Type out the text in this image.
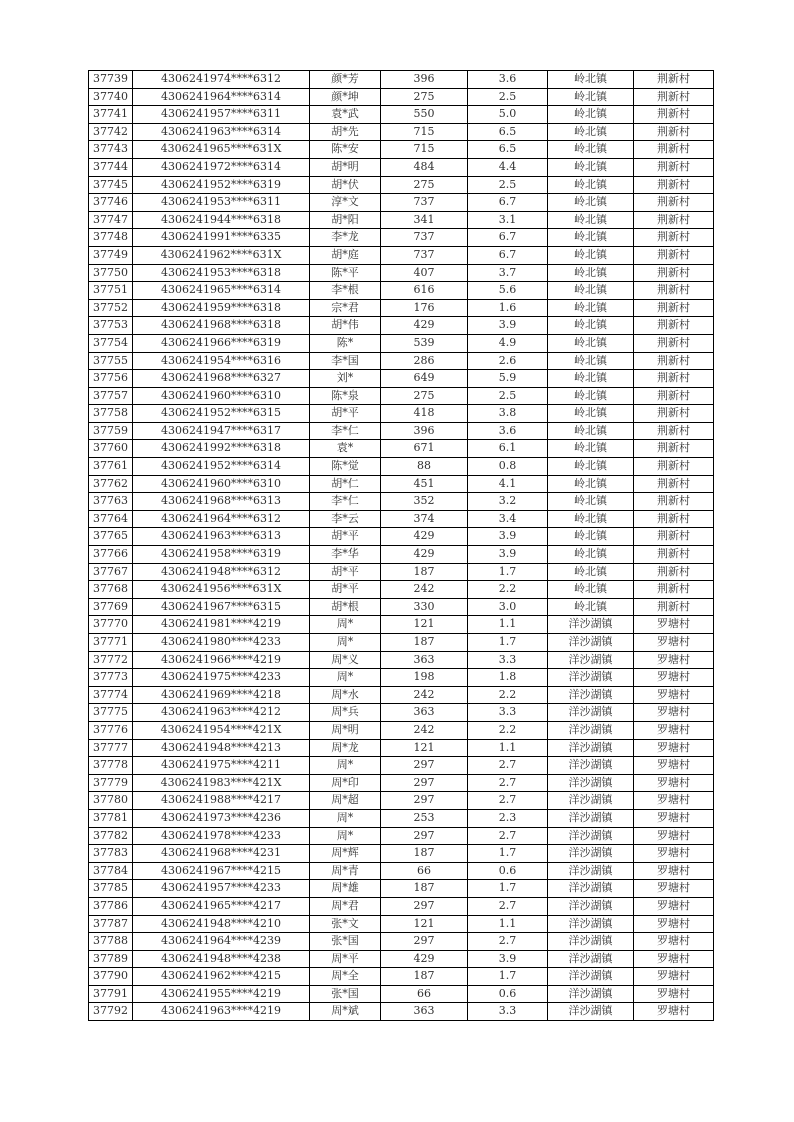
37739	4306241974****6312	颜*芳	396	3.6	岭北镇	荆新村
37740	4306241964****6314	颜*坤	275	2.5	岭北镇	荆新村
37741	4306241957****6311	袁*武	550	5.0	岭北镇	荆新村
37742	4306241963****6314	胡*先	715	6.5	岭北镇	荆新村
37743	4306241965****631X	陈*安	715	6.5	岭北镇	荆新村
37744	4306241972****6314	胡*明	484	4.4	岭北镇	荆新村
37745	4306241952****6319	胡*伏	275	2.5	岭北镇	荆新村
37746	4306241953****6311	淳*文	737	6.7	岭北镇	荆新村
37747	4306241944****6318	胡*阳	341	3.1	岭北镇	荆新村
37748	4306241991****6335	李*龙	737	6.7	岭北镇	荆新村
37749	4306241962****631X	胡*庭	737	6.7	岭北镇	荆新村
37750	4306241953****6318	陈*平	407	3.7	岭北镇	荆新村
37751	4306241965****6314	李*根	616	5.6	岭北镇	荆新村
37752	4306241959****6318	宗*君	176	1.6	岭北镇	荆新村
37753	4306241968****6318	胡*伟	429	3.9	岭北镇	荆新村
37754	4306241966****6319	陈*	539	4.9	岭北镇	荆新村
37755	4306241954****6316	李*国	286	2.6	岭北镇	荆新村
37756	4306241968****6327	刘*	649	5.9	岭北镇	荆新村
37757	4306241960****6310	陈*泉	275	2.5	岭北镇	荆新村
37758	4306241952****6315	胡*平	418	3.8	岭北镇	荆新村
37759	4306241947****6317	李*仁	396	3.6	岭北镇	荆新村
37760	4306241992****6318	袁*	671	6.1	岭北镇	荆新村
37761	4306241952****6314	陈*觉	88	0.8	岭北镇	荆新村
37762	4306241960****6310	胡*仁	451	4.1	岭北镇	荆新村
37763	4306241968****6313	李*仁	352	3.2	岭北镇	荆新村
37764	4306241964****6312	李*云	374	3.4	岭北镇	荆新村
37765	4306241963****6313	胡*平	429	3.9	岭北镇	荆新村
37766	4306241958****6319	李*华	429	3.9	岭北镇	荆新村
37767	4306241948****6312	胡*平	187	1.7	岭北镇	荆新村
37768	4306241956****631X	胡*平	242	2.2	岭北镇	荆新村
37769	4306241967****6315	胡*根	330	3.0	岭北镇	荆新村
37770	4306241981****4219	周*	121	1.1	洋沙湖镇	罗塘村
37771	4306241980****4233	周*	187	1.7	洋沙湖镇	罗塘村
37772	4306241966****4219	周*义	363	3.3	洋沙湖镇	罗塘村
37773	4306241975****4233	周*	198	1.8	洋沙湖镇	罗塘村
37774	4306241969****4218	周*水	242	2.2	洋沙湖镇	罗塘村
37775	4306241963****4212	周*兵	363	3.3	洋沙湖镇	罗塘村
37776	4306241954****421X	周*明	242	2.2	洋沙湖镇	罗塘村
37777	4306241948****4213	周*龙	121	1.1	洋沙湖镇	罗塘村
37778	4306241975****4211	周*	297	2.7	洋沙湖镇	罗塘村
37779	4306241983****421X	周*印	297	2.7	洋沙湖镇	罗塘村
37780	4306241988****4217	周*超	297	2.7	洋沙湖镇	罗塘村
37781	4306241973****4236	周*	253	2.3	洋沙湖镇	罗塘村
37782	4306241978****4233	周*	297	2.7	洋沙湖镇	罗塘村
37783	4306241968****4231	周*辉	187	1.7	洋沙湖镇	罗塘村
37784	4306241967****4215	周*青	66	0.6	洋沙湖镇	罗塘村
37785	4306241957****4233	周*雄	187	1.7	洋沙湖镇	罗塘村
37786	4306241965****4217	周*君	297	2.7	洋沙湖镇	罗塘村
37787	4306241948****4210	张*文	121	1.1	洋沙湖镇	罗塘村
37788	4306241964****4239	张*国	297	2.7	洋沙湖镇	罗塘村
37789	4306241948****4238	周*平	429	3.9	洋沙湖镇	罗塘村
37790	4306241962****4215	周*全	187	1.7	洋沙湖镇	罗塘村
37791	4306241955****4219	张*国	66	0.6	洋沙湖镇	罗塘村
37792	4306241963****4219	周*斌	363	3.3	洋沙湖镇	罗塘村
